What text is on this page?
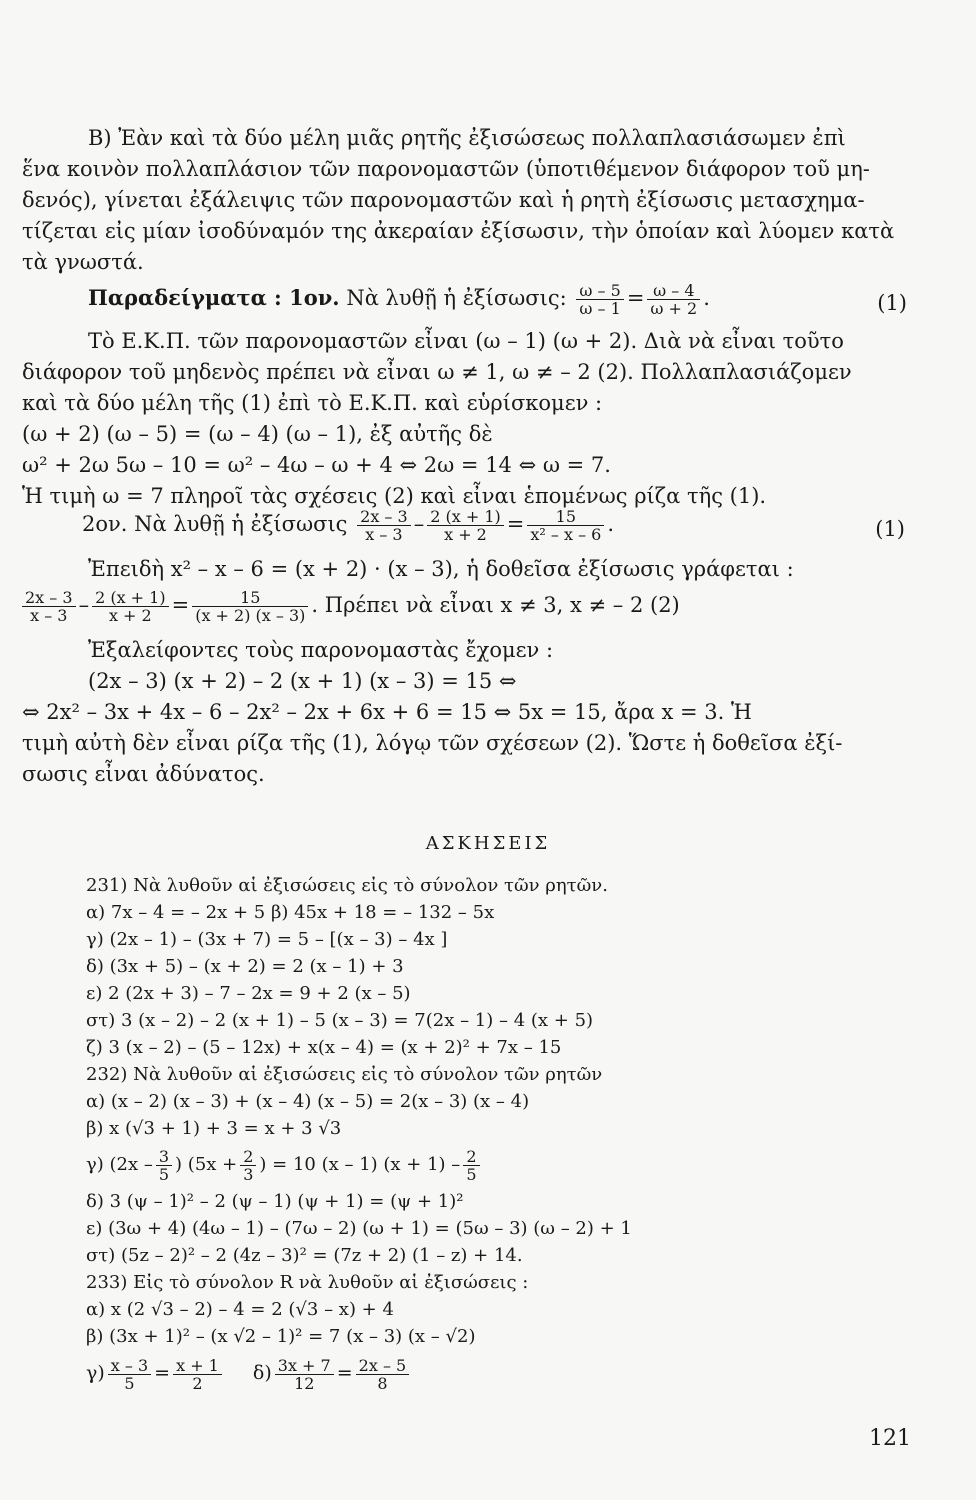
Β) Ἐὰν καὶ τὰ δύο μέλη μιᾶς ρητῆς ἐξισώσεως πολλαπλασιάσωμεν ἐπὶ
ἕνα κοινὸν πολλαπλάσιον τῶν παρονομαστῶν (ὑποτιθέμενον διάφορον τοῦ μη-
δενός), γίνεται ἐξάλειψις τῶν παρονομαστῶν καὶ ἡ ρητὴ ἐξίσωσις μετασχημα-
τίζεται εἰς μίαν ἰσοδύναμόν της ἀκεραίαν ἐξίσωσιν, τὴν ὁποίαν καὶ λύομεν κατὰ
τὰ γνωστά.
Παραδείγματα : 1ον. Νὰ λυθῇ ἡ ἐξίσωσις: $\frac{\omega - 5}{\omega - 1} = \frac{\omega - 4}{\omega + 2}$ .	(1)
Τὸ Ε.Κ.Π. τῶν παρονομαστῶν εἶναι (ω – 1) (ω + 2). Διὰ νὰ εἶναι τοῦτο
διάφορον τοῦ μηδενὸς πρέπει νὰ εἶναι ω ≠ 1, ω ≠ – 2 (2). Πολλαπλασιάζομεν
καὶ τὰ δύο μέλη τῆς (1) ἐπὶ τὸ Ε.Κ.Π. καὶ εὑρίσκομεν :
(ω + 2) (ω – 5) = (ω – 4) (ω – 1), ἐξ αὐτῆς δὲ
ω² + 2ω 5ω – 10 = ω² – 4ω – ω + 4 ⇔ 2ω = 14 ⇔ ω = 7.
Ἡ τιμὴ ω = 7 πληροῖ τὰς σχέσεις (2) καὶ εἶναι ἑπομένως ρίζα τῆς (1).
2ον. Νὰ λυθῇ ἡ ἐξίσωσις $\frac{2x - 3}{x - 3} - \frac{2 (x + 1)}{x + 2} = \frac{15}{\text{x² – x – 6}}$ .	(1)
Ἐπειδὴ x² – x – 6 = (x + 2) · (x – 3), ἡ δοθεῖσα ἐξίσωσις γράφεται :
$\frac{2x - 3}{x - 3} - \frac{2 (x + 1)}{x + 2} = \frac{15}{(x + 2) (x - 3)}$ . Πρέπει νὰ εἶναι x ≠ 3, x ≠ – 2 (2)
Ἐξαλείφοντες τοὺς παρονομαστὰς ἔχομεν :
(2x – 3) (x + 2) – 2 (x + 1) (x – 3) = 15 ⇔
⇔ 2x² – 3x + 4x – 6 – 2x² – 2x + 6x + 6 = 15 ⇔ 5x = 15, ἄρα x = 3. Ἡ
τιμὴ αὐτὴ δὲν εἶναι ρίζα τῆς (1), λόγῳ τῶν σχέσεων (2). Ὥστε ἡ δοθεῖσα ἐξί-
σωσις εἶναι ἀδύνατος.
ΑΣΚΗΣΕΙΣ
231) Νὰ λυθοῦν αἱ ἐξισώσεις εἰς τὸ σύνολον τῶν ρητῶν.
α) 7x – 4 = – 2x + 5 β) 45x + 18 = – 132 – 5x
γ) (2x – 1) – (3x + 7) = 5 – [(x – 3) – 4x ]
δ) (3x + 5) – (x + 2) = 2 (x – 1) + 3
ε) 2 (2x + 3) – 7 – 2x = 9 + 2 (x – 5)
στ) 3 (x – 2) – 2 (x + 1) – 5 (x – 3) = 7(2x – 1) – 4 (x + 5)
ζ) 3 (x – 2) – (5 – 12x) + x(x – 4) = (x + 2)² + 7x – 15
232) Νὰ λυθοῦν αἱ ἐξισώσεις εἰς τὸ σύνολον τῶν ρητῶν
α) (x – 2) (x – 3) + (x – 4) (x – 5) = 2(x – 3) (x – 4)
β) x (√3 + 1) + 3 = x + 3 √3
γ) ($2x - \frac{3}{5}$ ) ($5x + \frac{2}{3}$ ) = 10 (x – 1) $(x + 1) - \frac{2}{5}$
δ) 3 (ψ – 1)² – 2 (ψ – 1) (ψ + 1) = (ψ + 1)²
ε) (3ω + 4) (4ω – 1) – (7ω – 2) (ω + 1) = (5ω – 3) (ω – 2) + 1
στ) (5z – 2)² – 2 (4z – 3)² = (7z + 2) (1 – z) + 14.
233) Εἰς τὸ σύνολον R νὰ λυθοῦν αἱ ἐξισώσεις :
α) x (2 √3 – 2) – 4 = 2 (√3 – x) + 4
β) (3x + 1)² – (x √2 – 1)² = 7 (x – 3) (x – √2)
$\gamma) \frac{x - 3}{5} = \frac{x + 1}{2} \delta) \frac{3x + 7}{12} = \frac{2x - 5}{8}$
121
